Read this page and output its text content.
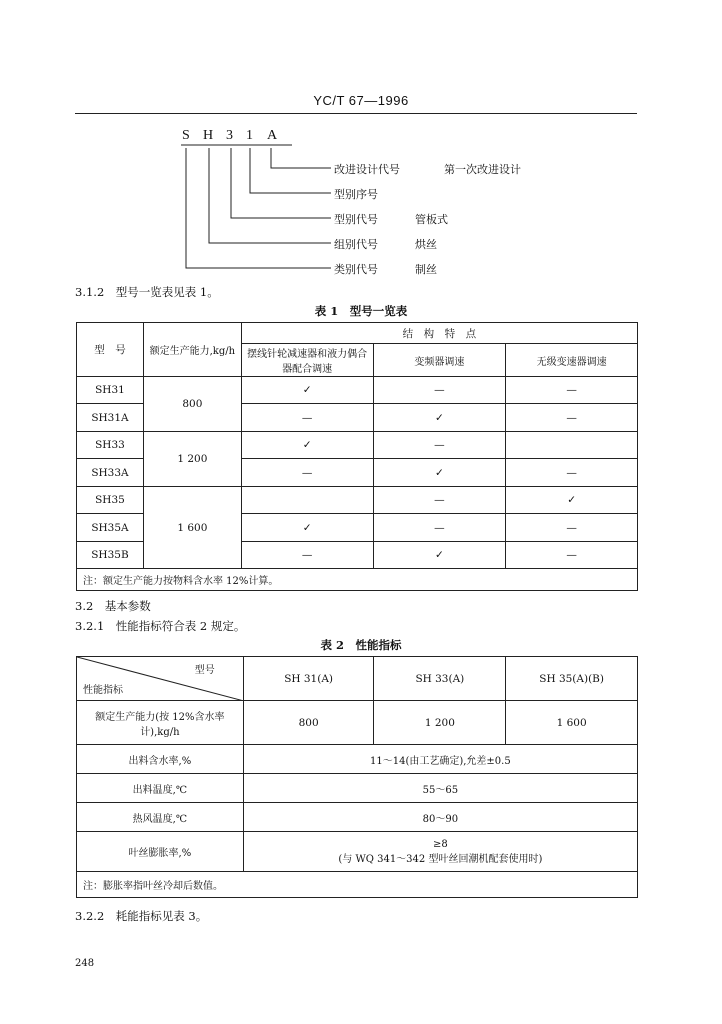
YC/T 67—1996
S H 3 1 A
改进设计代号	第一次改进设计
型别序号
型别代号	管板式
组别代号	烘丝
类别代号	制丝
3.1.2　型号一览表见表 1。
表 1　型号一览表
型　号	额定生产能力,kg/h	结　构　特　点		
		摆线针轮减速器和液力偶合器配合调速	变频器调速	无级变速器调速
SH31	800	✓	—	—
SH31A		—	✓	—
SH33	1 200	✓	—	
SH33A		—	✓	—
SH35	1 600		—	✓
SH35A		✓	—	—
SH35B		—	✓	—
注：额定生产能力按物料含水率 12%计算。				
3.2　基本参数
3.2.1　性能指标符合表 2 规定。
表 2　性能指标
型号
性能指标	SH 31(A)	SH 33(A)	SH 35(A)(B)
额定生产能力(按 12%含水率计),kg/h	800	1 200	1 600
出料含水率,%	11～14(由工艺确定),允差±0.5		
出料温度,℃	55～65		
热风温度,℃	80～90		
叶丝膨胀率,%	≥8
(与 WQ 341～342 型叶丝回潮机配套使用时)		

注：膨胀率指叶丝冷却后数值。			
3.2.2　耗能指标见表 3。
248
